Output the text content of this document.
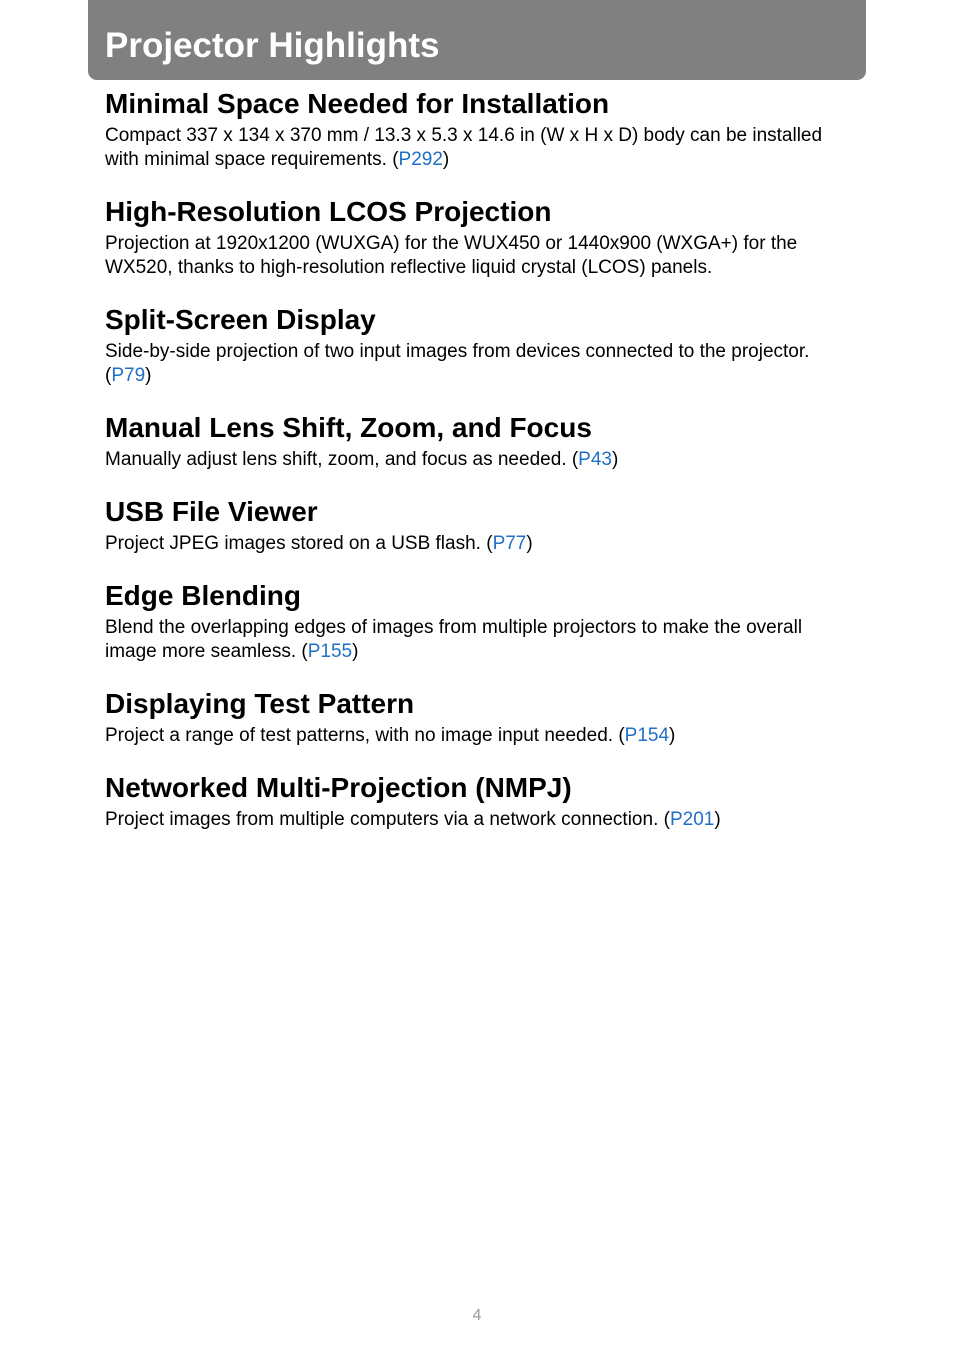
Projector Highlights
Minimal Space Needed for Installation

Compact 337 x 134 x 370 mm / 13.3 x 5.3 x 14.6 in (W x H x D) body can be installed with minimal space requirements. (P292)

High-Resolution LCOS Projection

Projection at 1920x1200 (WUXGA) for the WUX450 or 1440x900 (WXGA+) for the WX520, thanks to high-resolution reflective liquid crystal (LCOS) panels.

Split-Screen Display

Side-by-side projection of two input images from devices connected to the projector. (P79)

Manual Lens Shift, Zoom, and Focus

Manually adjust lens shift, zoom, and focus as needed. (P43)

USB File Viewer

Project JPEG images stored on a USB flash. (P77)

Edge Blending

Blend the overlapping edges of images from multiple projectors to make the overall image more seamless. (P155)

Displaying Test Pattern

Project a range of test patterns, with no image input needed. (P154)

Networked Multi-Projection (NMPJ)

Project images from multiple computers via a network connection. (P201)

4
